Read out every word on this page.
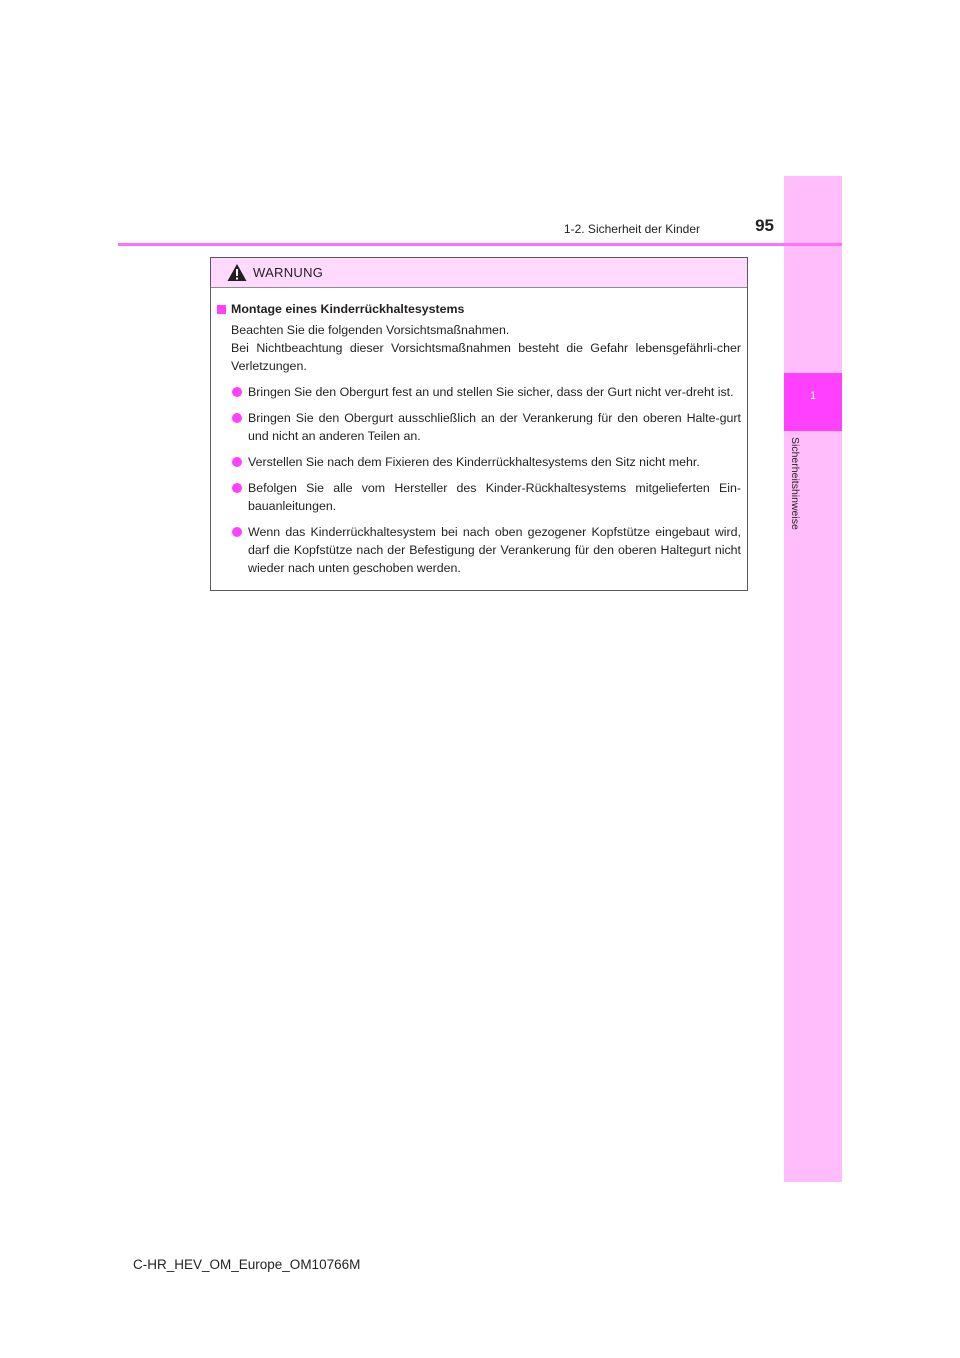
1
Sicherheitshinweise
1-2. Sicherheit der Kinder	95
WARNUNG
Montage eines Kinderrückhaltesystems
Beachten Sie die folgenden Vorsichtsmaßnahmen.
Bei Nichtbeachtung dieser Vorsichtsmaßnahmen besteht die Gefahr lebensgefährli-cher Verletzungen.
Bringen Sie den Obergurt fest an und stellen Sie sicher, dass der Gurt nicht ver-dreht ist.
Bringen Sie den Obergurt ausschließlich an der Verankerung für den oberen Halte-gurt und nicht an anderen Teilen an.
Verstellen Sie nach dem Fixieren des Kinderrückhaltesystems den Sitz nicht mehr.
Befolgen Sie alle vom Hersteller des Kinder-Rückhaltesystems mitgelieferten Ein-bauanleitungen.
Wenn das Kinderrückhaltesystem bei nach oben gezogener Kopfstütze eingebaut wird, darf die Kopfstütze nach der Befestigung der Verankerung für den oberen Haltegurt nicht wieder nach unten geschoben werden.
C-HR_HEV_OM_Europe_OM10766M
